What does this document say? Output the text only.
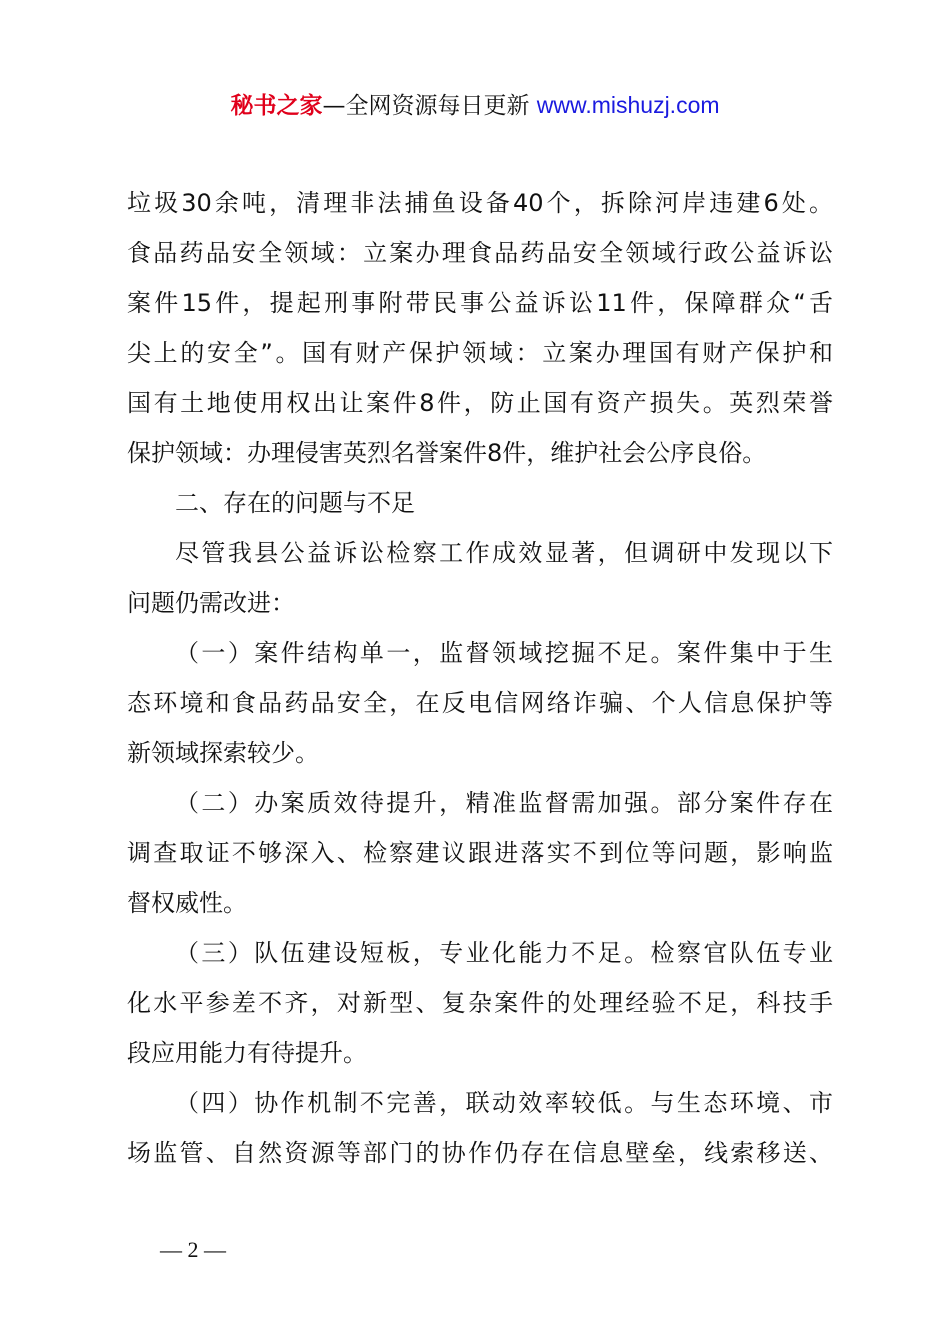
秘书之家—全网资源每日更新 www.mishuzj.com
垃圾30余吨，清理非法捕鱼设备40个，拆除河岸违建6处。
食品药品安全领域：立案办理食品药品安全领域行政公益诉讼
案件15件，提起刑事附带民事公益诉讼11件，保障群众“舌
尖上的安全”。国有财产保护领域：立案办理国有财产保护和
国有土地使用权出让案件8件，防止国有资产损失。英烈荣誉
保护领域：办理侵害英烈名誉案件8件，维护社会公序良俗。
二、存在的问题与不足
尽管我县公益诉讼检察工作成效显著，但调研中发现以下
问题仍需改进：
（一）案件结构单一，监督领域挖掘不足。案件集中于生
态环境和食品药品安全，在反电信网络诈骗、个人信息保护等
新领域探索较少。
（二）办案质效待提升，精准监督需加强。部分案件存在
调查取证不够深入、检察建议跟进落实不到位等问题，影响监
督权威性。
（三）队伍建设短板，专业化能力不足。检察官队伍专业
化水平参差不齐，对新型、复杂案件的处理经验不足，科技手
段应用能力有待提升。
（四）协作机制不完善，联动效率较低。与生态环境、市
场监管、自然资源等部门的协作仍存在信息壁垒，线索移送、
— 2 —
